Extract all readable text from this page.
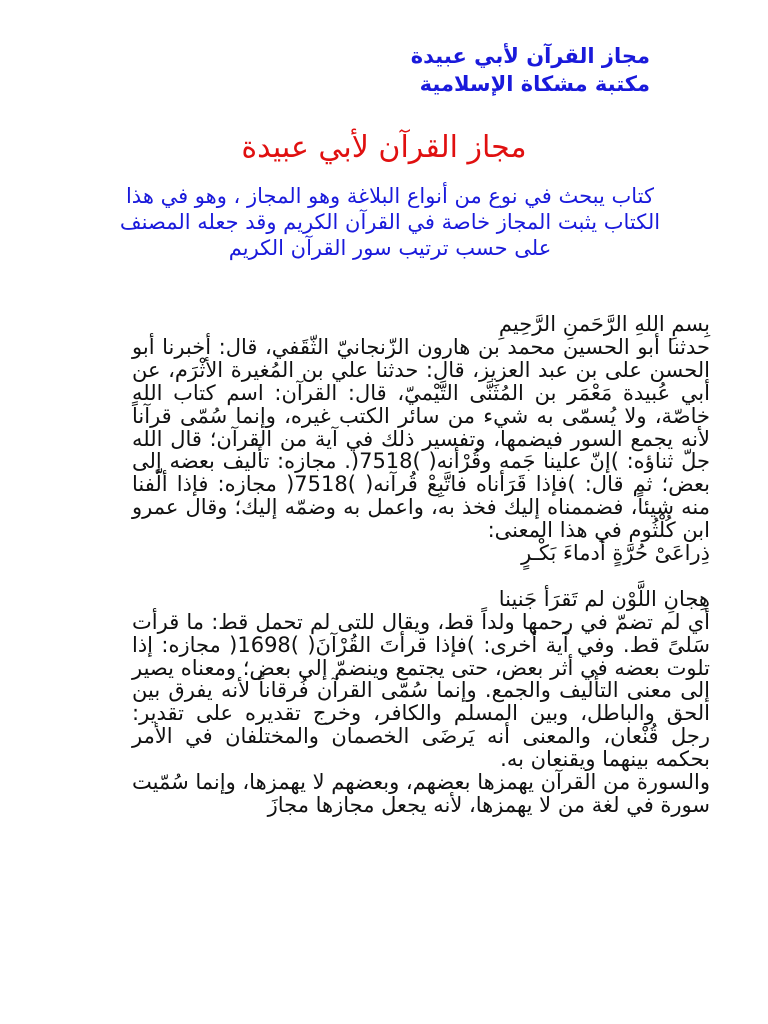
مجاز القرآن لأبي عبيدة
مكتبة مشكاة الإسلامية
مجاز القرآن لأبي عبيدة
كتاب يبحث في نوع من أنواع البلاغة وهو المجاز ، وهو في هذا الكتاب يثبت المجاز خاصة في القرآن الكريم وقد جعله المصنف على حسب ترتيب سور القرآن الكريم

بِسمِ اللهِ الرَّحَمنِ الرَّحِيمِ

حدثنا أبو الحسين محمد بن هارون الزّنجانيّ الثّقَفي، قال: أخبرنا أبو الحسن على بن عبد العزيز، قال: حدثنا علي بن المُغيرة الأثْرَم، عن أبي عُبيدة مَعْمَر بن المُثَنَّى التَّيْميّ، قال: القرآن: اسم كتاب الله خاصّة، ولا يُسمّى به شيء من سائر الكتب غيره، وإنما سُمّى قرآناً لأنه يجمع السور فيضمها، وتفسير ذلك في آية من القرآن؛ قال الله جلّ ثناؤه: )إنّ علينا جَمه وقُرْأنه( )7518(. مجازه: تأليف بعضه إلى بعض؛ ثم قال: )فإذا قَرَأناه فاتَّبِعْ قُرآنه( )7518( مجازه: فإذا ألّفنا منه شيئاً، فضممناه إليك فخذ به، واعمل به وضمّه إليك؛ وقال عمرو ابن كُلْثُوم في هذا المعنى:

ذِراعَىْ حُرَّةٍ أدماءَ بَكْـرٍ

هِجانِ اللَّوْن لم تَقرَأ جَنينا

أي لم تضمّ في رحمها ولداً قط، ويقال للتى لم تحمل قط: ما قرأت سَلىً قط. وفي آية أخرى: )فإذا قرأتَ القُرْآنَ( )1698( مجازه: إذا تلوت بعضه في أثر بعض، حتى يجتمع وينضمّ إلى بعض؛ ومعناه يصير إلى معنى التأليف والجمع. وإنما سُمّى القرآن فُرقاناً لأنه يفرق بين الحق والباطل، وبين المسلم والكافر، وخرج تقديره على تقدير: رجل قُنْعان، والمعنى أنه يَرضَى الخصمان والمختلفان في الأمر بحكمه بينهما ويقنعان به.

والسورة من القرآن يهمزها بعضهم، وبعضهم لا يهمزها، وإنما سُمّيت سورة في لغة من لا يهمزها، لأنه يجعل مجازها مجازَ
